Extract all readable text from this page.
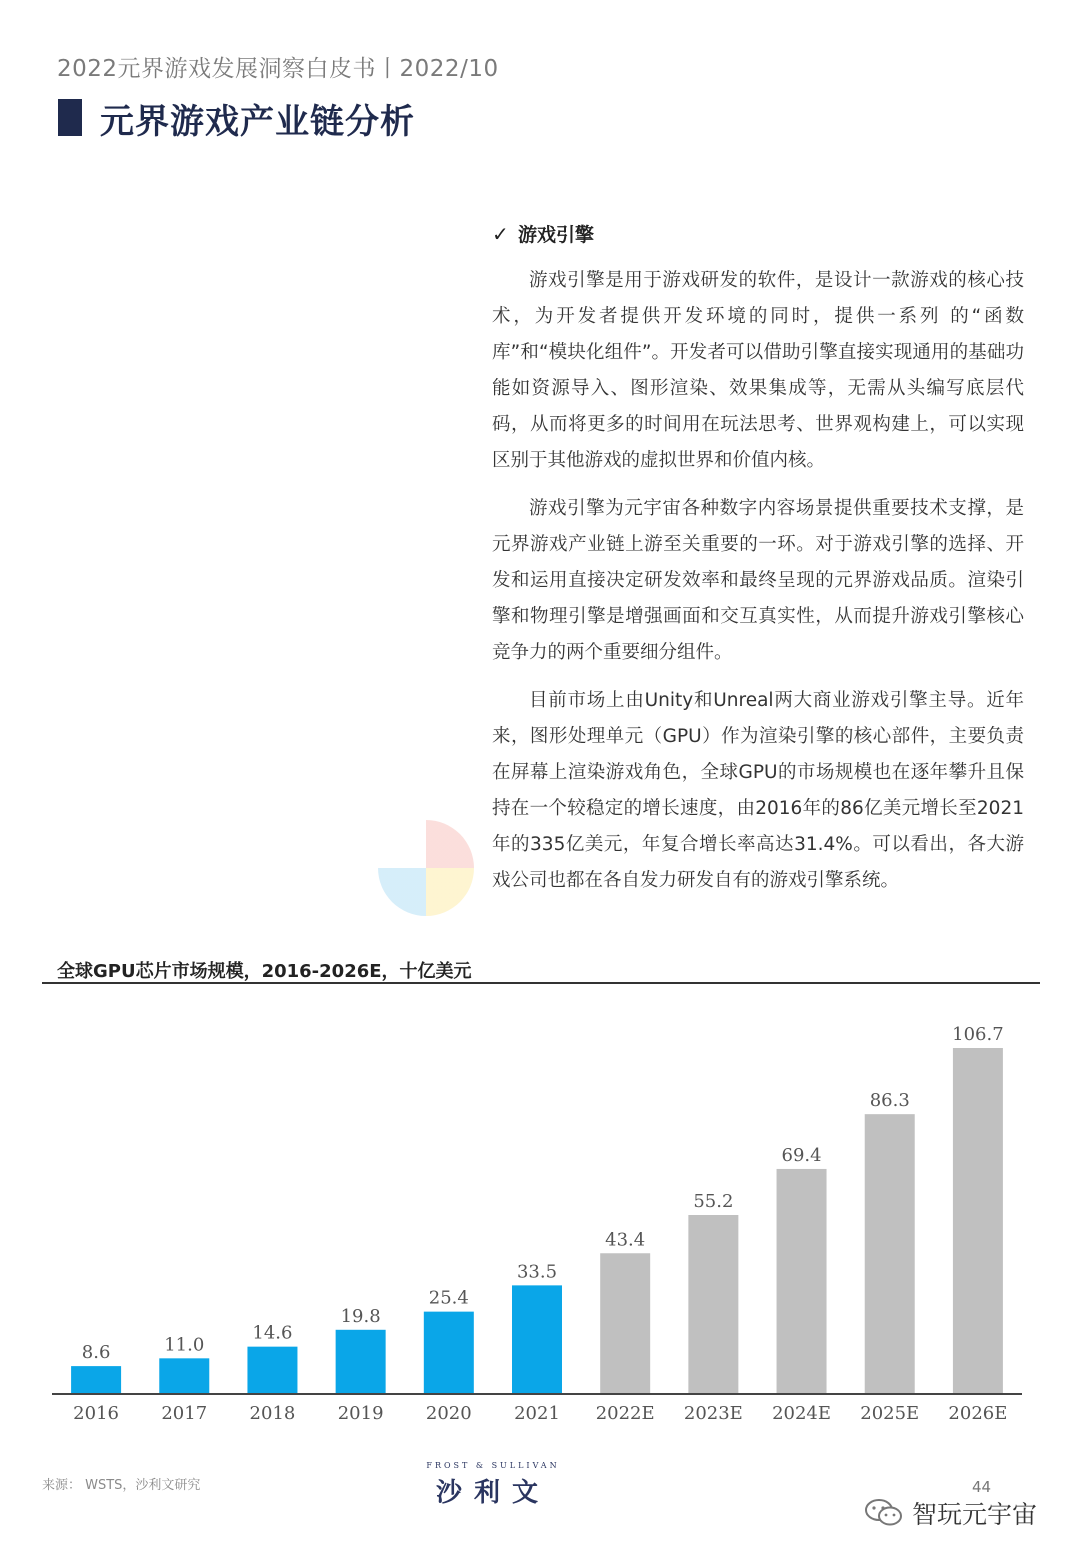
2022元界游戏发展洞察白皮书丨2022/10
元界游戏产业链分析
✓ 游戏引擎

游戏引擎是用于游戏研发的软件，是设计一款游戏的核心技术，为开发者提供开发环境的同时，提供一系列 的“函数库”和“模块化组件”。开发者可以借助引擎直接实现通用的基础功能如资源导入、图形渲染、效果集成等，无需从头编写底层代码，从而将更多的时间用在玩法思考、世界观构建上，可以实现区别于其他游戏的虚拟世界和价值内核。

游戏引擎为元宇宙各种数字内容场景提供重要技术支撑，是元界游戏产业链上游至关重要的一环。对于游戏引擎的选择、开发和运用直接决定研发效率和最终呈现的元界游戏品质。渲染引擎和物理引擎是增强画面和交互真实性，从而提升游戏引擎核心竞争力的两个重要细分组件。

目前市场上由Unity和Unreal两大商业游戏引擎主导。近年来，图形处理单元（GPU）作为渲染引擎的核心部件，主要负责在屏幕上渲染游戏角色，全球GPU的市场规模也在逐年攀升且保持在一个较稳定的增长速度，由2016年的86亿美元增长至2021年的335亿美元，年复合增长率高达31.4%。可以看出，各大游戏公司也都在各自发力研发自有的游戏引擎系统。

全球GPU芯片市场规模，2016-2026E，十亿美元
8.6
2016
11.0
2017
14.6
2018
19.8
2019
25.4
2020
33.5
2021
43.4
2022E
55.2
2023E
69.4
2024E
86.3
2025E
106.7
2026E
来源： WSTS，沙利文研究
FROST & SULLIVAN
沙利文	44
智玩元宇宙
